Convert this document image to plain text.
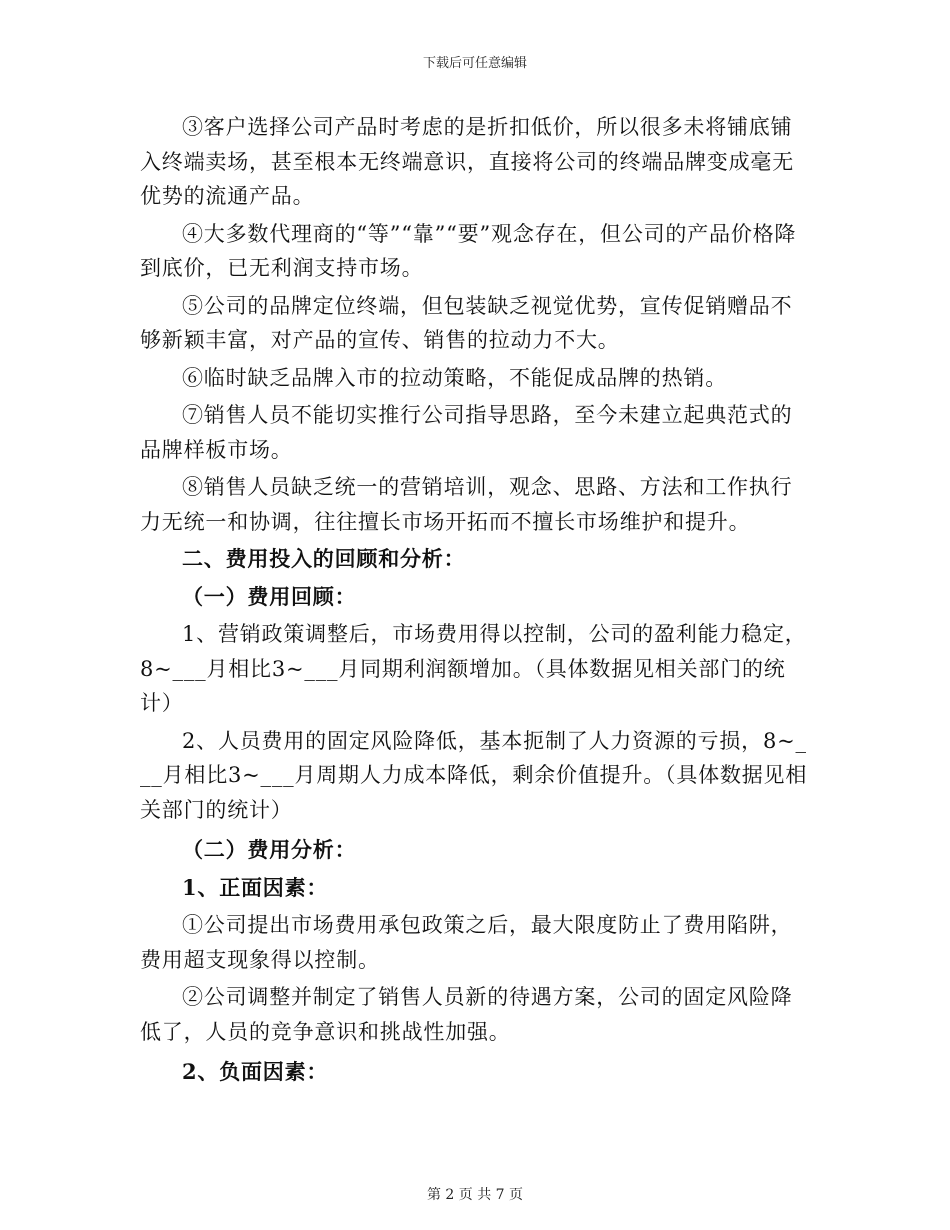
下载后可任意编辑

③客户选择公司产品时考虑的是折扣低价，所以很多未将铺底铺入终端卖场，甚至根本无终端意识，直接将公司的终端品牌变成毫无优势的流通产品。

④大多数代理商的“等”“靠”“要”观念存在，但公司的产品价格降到底价，已无利润支持市场。

⑤公司的品牌定位终端，但包装缺乏视觉优势，宣传促销赠品不够新颖丰富，对产品的宣传、销售的拉动力不大。

⑥临时缺乏品牌入市的拉动策略，不能促成品牌的热销。

⑦销售人员不能切实推行公司指导思路，至今未建立起典范式的品牌样板市场。

⑧销售人员缺乏统一的营销培训，观念、思路、方法和工作执行力无统一和协调，往往擅长市场开拓而不擅长市场维护和提升。

二、费用投入的回顾和分析：

（一）费用回顾：

1、营销政策调整后，市场费用得以控制，公司的盈利能力稳定，8~___月相比3~___月同期利润额增加。（具体数据见相关部门的统计）

2、人员费用的固定风险降低，基本扼制了人力资源的亏损，8~___月相比3~___月周期人力成本降低，剩余价值提升。（具体数据见相关部门的统计）

（二）费用分析：

1、正面因素：

①公司提出市场费用承包政策之后，最大限度防止了费用陷阱，费用超支现象得以控制。

②公司调整并制定了销售人员新的待遇方案，公司的固定风险降低了，人员的竞争意识和挑战性加强。

2、负面因素：

第 2 页 共 7 页
